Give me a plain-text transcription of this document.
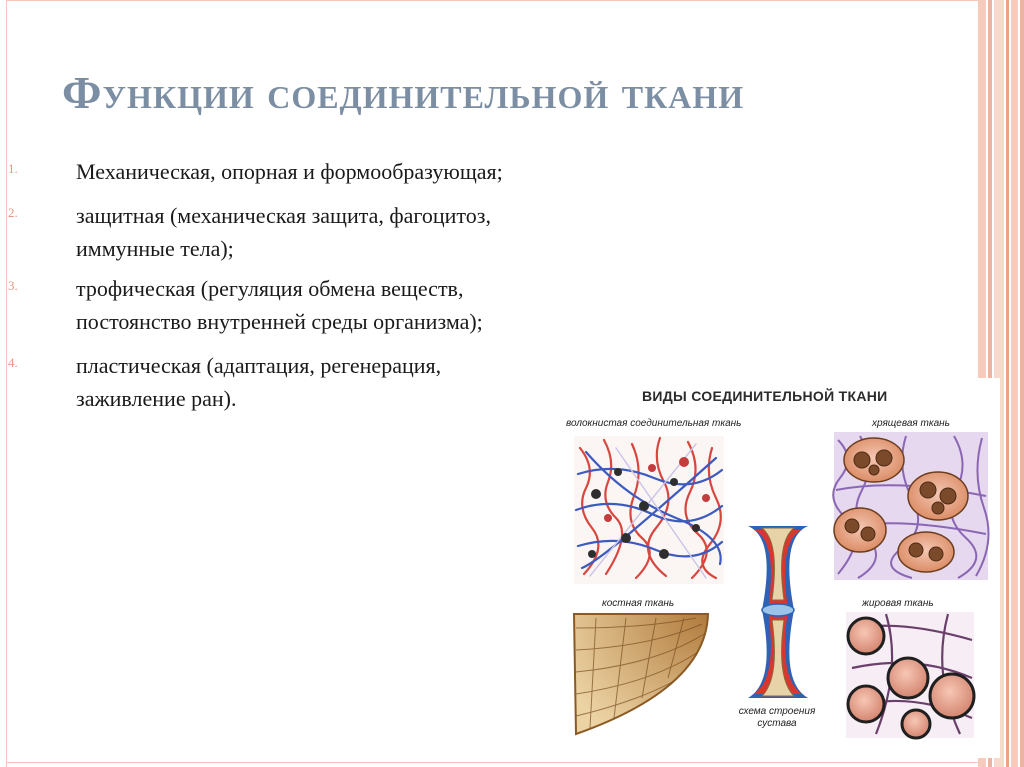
Функции соединительной ткани
1.	Механическая, опорная и формообразующая;
2.	защитная (механическая защита, фагоцитоз,
иммунные тела);
3.	трофическая (регуляция обмена веществ,
постоянство внутренней среды организма);
4.	пластическая (адаптация, регенерация,
заживление ран).	ВИДЫ СОЕДИНИТЕЛЬНОЙ ТКАНИ
волокнистая соединительная ткань	хрящевая ткань
костная ткань	жировая ткань
схема строения
сустава
